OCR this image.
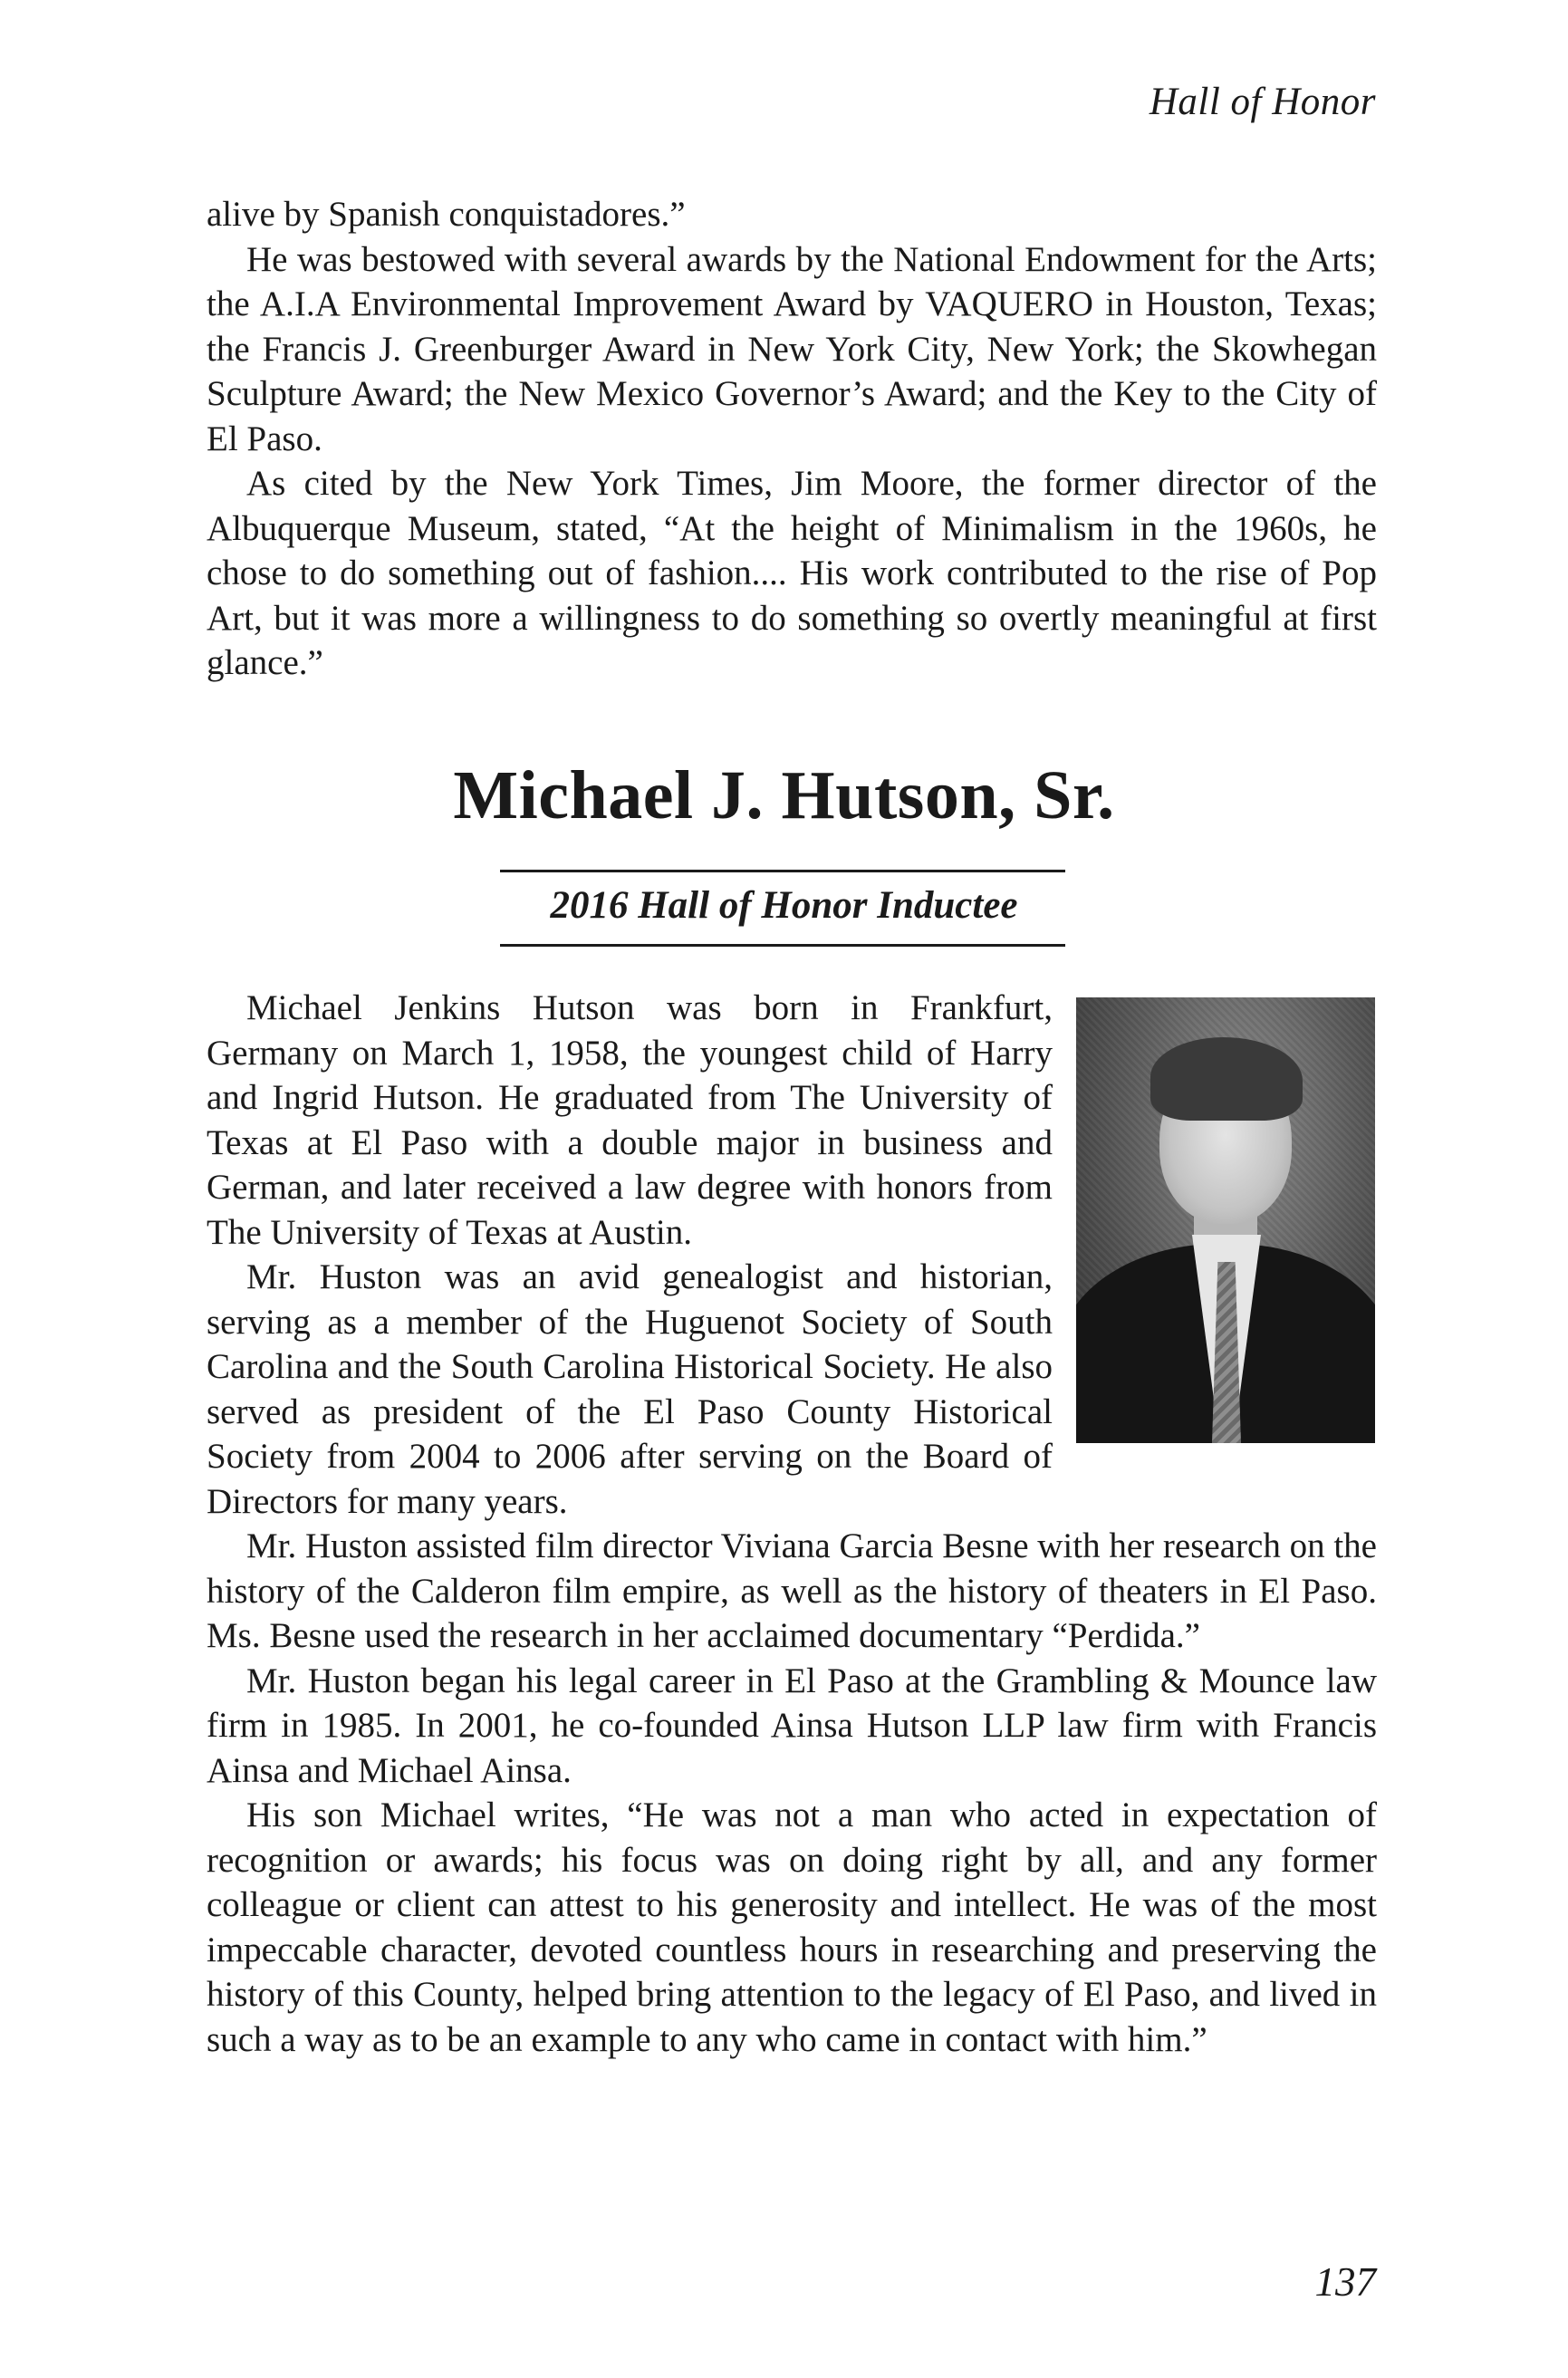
Hall of Honor

alive by Spanish conquistadores.”

He was bestowed with several awards by the National Endowment for the Arts; the A.I.A Environmental Improvement Award by VAQUERO in Houston, Texas; the Francis J. Greenburger Award in New York City, New York; the Skowhegan Sculpture Award; the New Mexico Governor’s Award; and the Key to the City of El Paso.

As cited by the New York Times, Jim Moore, the former director of the Albuquerque Museum, stated, “At the height of Minimalism in the 1960s, he chose to do something out of fashion.... His work contributed to the rise of Pop Art, but it was more a willingness to do something so overtly meaningful at first glance.”

Michael J. Hutson, Sr.
2016 Hall of Honor Inductee

Michael Jenkins Hutson was born in Frankfurt, Germany on March 1, 1958, the youngest child of Harry and Ingrid Hutson. He graduated from The University of Texas at El Paso with a double major in business and German, and later received a law degree with honors from The University of Texas at Austin.

Mr. Huston was an avid genealogist and historian, serving as a member of the Huguenot Society of South Carolina and the South Carolina Historical Society. He also served as president of the El Paso County Historical Society from 2004 to 2006 after serving on the Board of Directors for many years.

Mr. Huston assisted film director Viviana Garcia Besne with her research on the history of the Calderon film empire, as well as the history of theaters in El Paso. Ms. Besne used the research in her acclaimed documentary “Perdida.”

Mr. Huston began his legal career in El Paso at the Grambling & Mounce law firm in 1985. In 2001, he co-founded Ainsa Hutson LLP law firm with Francis Ainsa and Michael Ainsa.

His son Michael writes, “He was not a man who acted in expectation of recognition or awards; his focus was on doing right by all, and any former colleague or client can attest to his generosity and intellect. He was of the most impeccable character, devoted countless hours in researching and preserving the history of this County, helped bring attention to the legacy of El Paso, and lived in such a way as to be an example to any who came in contact with him.”

137
